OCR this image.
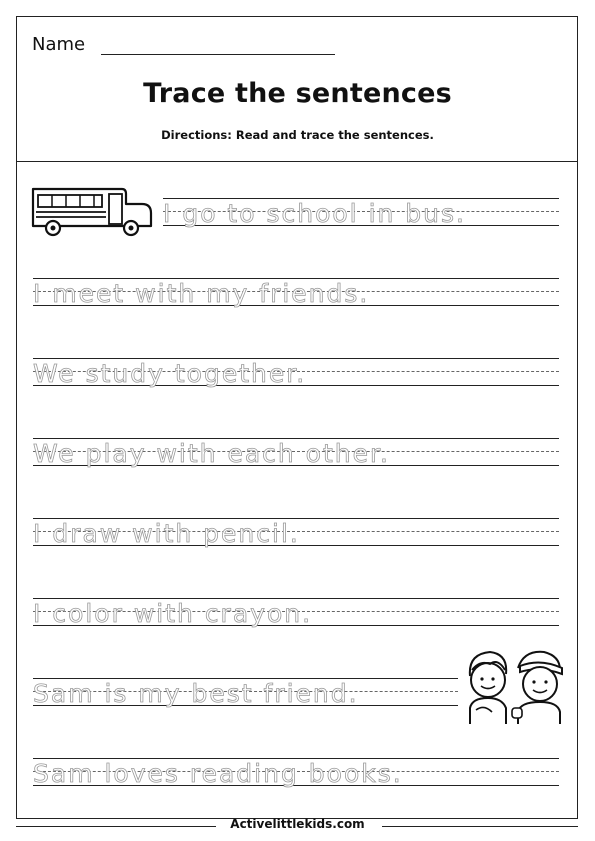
Name
Trace the sentences
Directions: Read and trace the sentences.
I go to school in bus.
I meet with my friends.
We study together.
We play with each other.
I draw with pencil.
I color with crayon.
Sam is my best friend.
Sam loves reading books.
Activelittlekids.com
